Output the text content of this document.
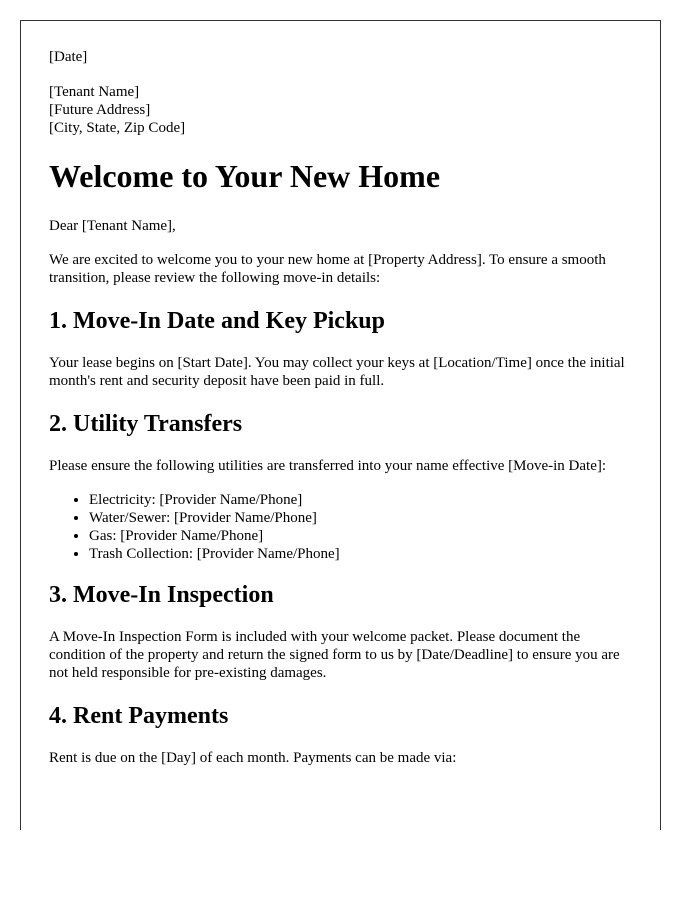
[Date]

[Tenant Name]
[Future Address]
[City, State, Zip Code]
Welcome to Your New Home

Dear [Tenant Name],

We are excited to welcome you to your new home at [Property Address]. To ensure a smooth transition, please review the following move-in details:

1. Move-In Date and Key Pickup

Your lease begins on [Start Date]. You may collect your keys at [Location/Time] once the initial month's rent and security deposit have been paid in full.

2. Utility Transfers

Please ensure the following utilities are transferred into your name effective [Move-in Date]:

• Electricity: [Provider Name/Phone]
• Water/Sewer: [Provider Name/Phone]
• Gas: [Provider Name/Phone]
• Trash Collection: [Provider Name/Phone]
3. Move-In Inspection

A Move-In Inspection Form is included with your welcome packet. Please document the condition of the property and return the signed form to us by [Date/Deadline] to ensure you are not held responsible for pre-existing damages.

4. Rent Payments

Rent is due on the [Day] of each month. Payments can be made via:
